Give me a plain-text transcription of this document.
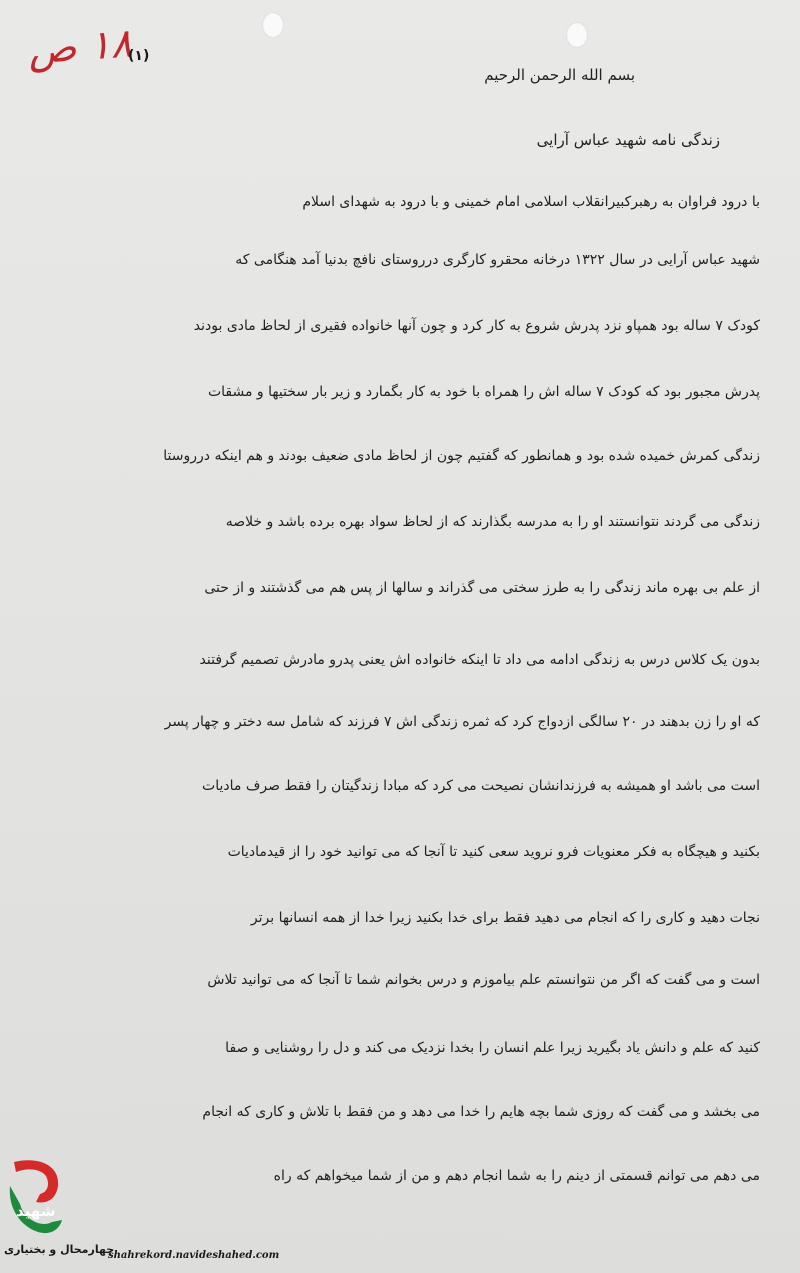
۱۸ ص
(۱)
بسم الله الرحمن الرحیم
زندگی نامه شهید عباس آرایی
با درود فراوان به رهبرکبیرانقلاب اسلامی امام خمینی و با درود به شهدای اسلام
شهید عباس آرایی در سال ۱۳۲۲ درخانه محقرو کارگری درروستای نافچ بدنیا آمد هنگامی که
کودک ۷ ساله بود همپاو نزد پدرش شروع به کار کرد و چون آنها خانواده فقیری از لحاظ مادی بودند
پدرش مجبور بود که کودک ۷ ساله اش را همراه با خود به کار بگمارد و زیر بار سختیها و مشقات
زندگی کمرش خمیده شده بود و همانطور که گفتیم چون از لحاظ مادی ضعیف بودند و هم اینکه درروستا
زندگی می گردند نتوانستند او را به مدرسه بگذارند که از لحاظ سواد بهره برده باشد و خلاصه
از علم بی بهره ماند زندگی را به طرز سختی می گذراند و سالها از پس هم می گذشتند و از حتی
بدون یک کلاس درس به زندگی ادامه می داد تا اینکه خانواده اش یعنی پدرو مادرش تصمیم گرفتند
که او را زن بدهند در ۲۰ سالگی ازدواج کرد که ثمره زندگی اش ۷ فرزند که شامل سه دختر و چهار پسر
است می باشد او همیشه به فرزندانشان نصیحت می کرد که مبادا زندگیتان را فقط صرف مادیات
بکنید و هیچگاه به فکر معنویات فرو نروید سعی کنید تا آنجا که می توانید خود را از قیدمادیات
نجات دهید و کاری را که انجام می دهید فقط برای خدا بکنید زیرا خدا از همه انسانها برتر
است و می گفت که اگر من نتوانستم علم بیاموزم و درس بخوانم شما تا آنجا که می توانید تلاش
کنید که علم و دانش یاد بگیرید زیرا علم انسان را بخدا نزدیک می کند و دل را روشنایی و صفا
می بخشد و می گفت که روزی شما بچه هایم را خدا می دهد و من فقط با تلاش و کاری که انجام
می دهم می توانم قسمتی از دینم را به شما انجام دهم و من از شما میخواهم که راه
شهید
چهارمحال و بختیاری
shahrekord.navideshahed.com
